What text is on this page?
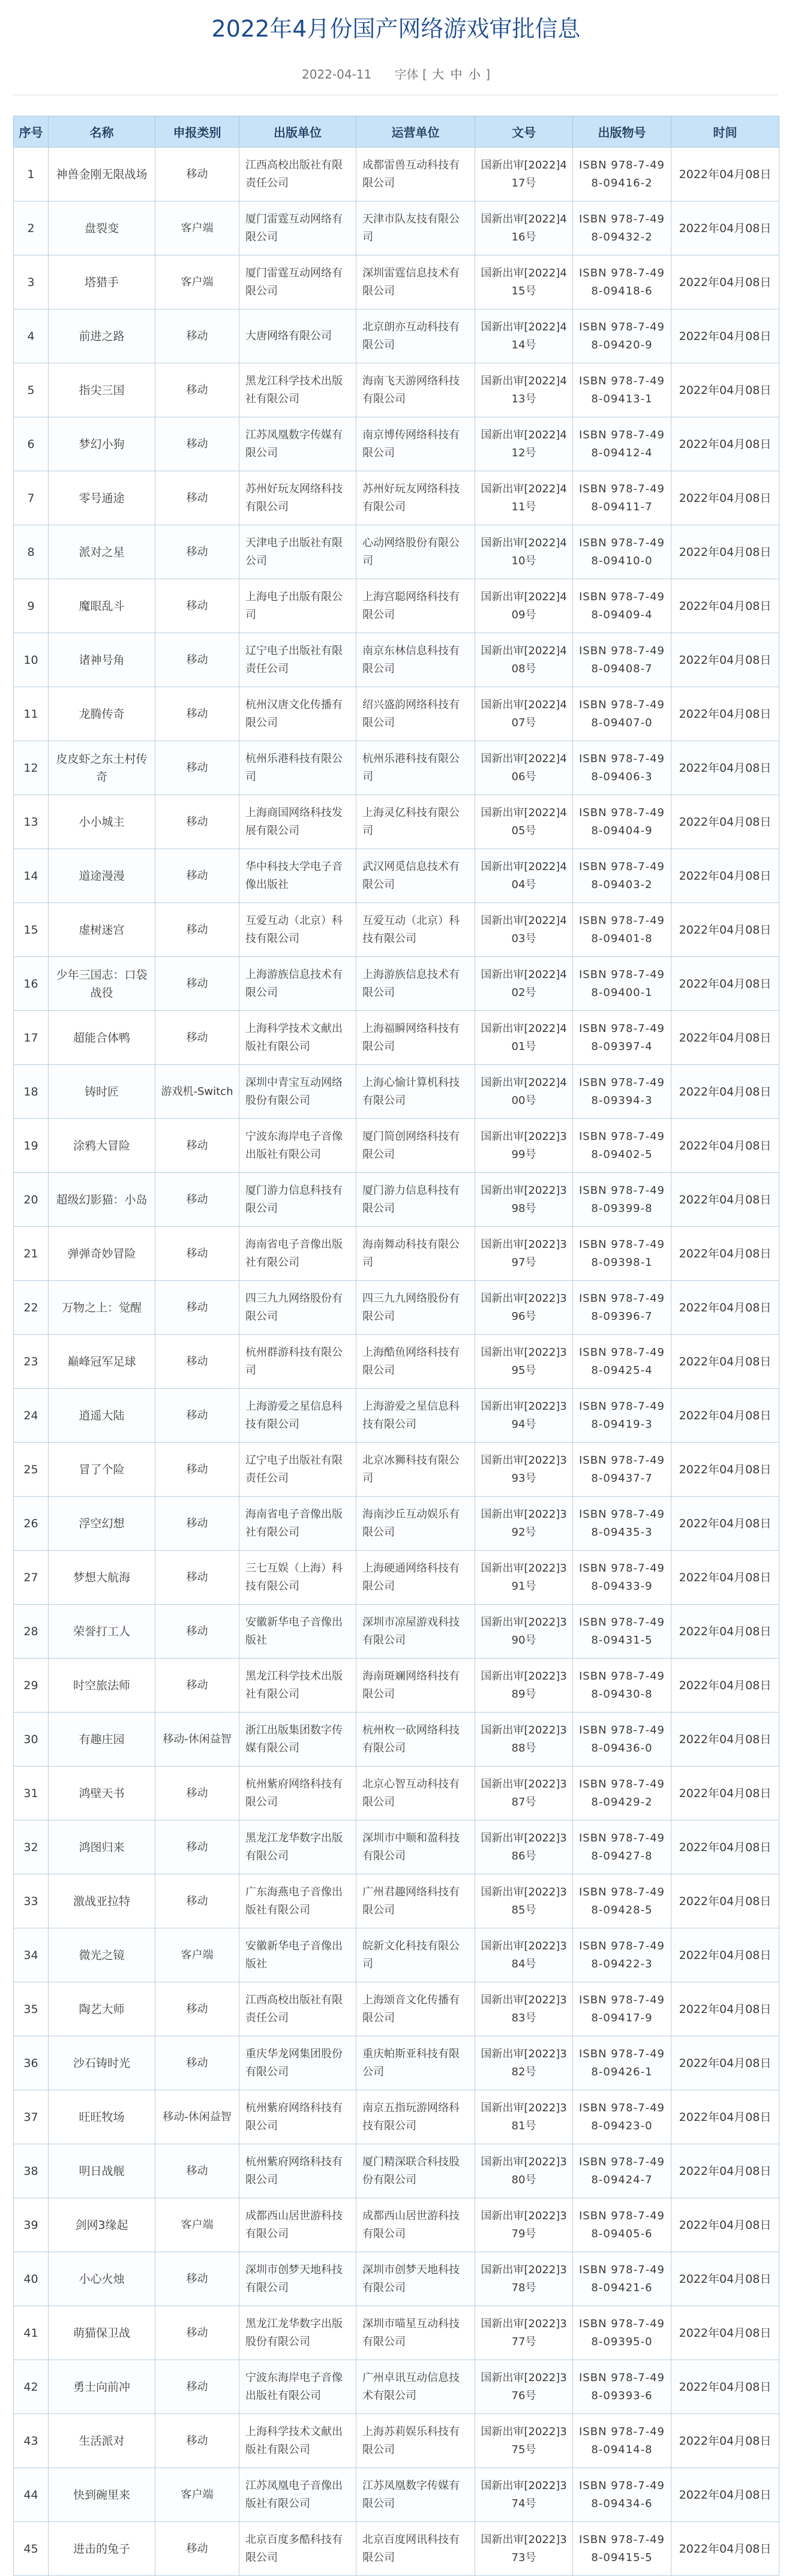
2022年4月份国产网络游戏审批信息
2022-04-11 字体 [ 大 中 小 ]
序号	名称	申报类别	出版单位	运营单位	文号	出版物号	时间
1	神兽金刚无限战场	移动	江西高校出版社有限责任公司	成都雷兽互动科技有限公司	国新出审[2022]417号	ISBN 978-7-498-09416-2	2022年04月08日
2	盘裂变	客户端	厦门雷霆互动网络有限公司	天津市队友技有限公司	国新出审[2022]416号	ISBN 978-7-498-09432-2	2022年04月08日
3	塔猎手	客户端	厦门雷霆互动网络有限公司	深圳雷霆信息技术有限公司	国新出审[2022]415号	ISBN 978-7-498-09418-6	2022年04月08日
4	前进之路	移动	大唐网络有限公司	北京朗亦互动科技有限公司	国新出审[2022]414号	ISBN 978-7-498-09420-9	2022年04月08日
5	指尖三国	移动	黑龙江科学技术出版社有限公司	海南飞天游网络科技有限公司	国新出审[2022]413号	ISBN 978-7-498-09413-1	2022年04月08日
6	梦幻小狗	移动	江苏凤凰数字传媒有限公司	南京博传网络科技有限公司	国新出审[2022]412号	ISBN 978-7-498-09412-4	2022年04月08日
7	零号通途	移动	苏州好玩友网络科技有限公司	苏州好玩友网络科技有限公司	国新出审[2022]411号	ISBN 978-7-498-09411-7	2022年04月08日
8	派对之星	移动	天津电子出版社有限公司	心动网络股份有限公司	国新出审[2022]410号	ISBN 978-7-498-09410-0	2022年04月08日
9	魔眼乱斗	移动	上海电子出版有限公司	上海宫聪网络科技有限公司	国新出审[2022]409号	ISBN 978-7-498-09409-4	2022年04月08日
10	诸神号角	移动	辽宁电子出版社有限责任公司	南京东林信息科技有限公司	国新出审[2022]408号	ISBN 978-7-498-09408-7	2022年04月08日
11	龙腾传奇	移动	杭州汉唐文化传播有限公司	绍兴盛韵网络科技有限公司	国新出审[2022]407号	ISBN 978-7-498-09407-0	2022年04月08日
12	皮皮虾之东土村传奇	移动	杭州乐港科技有限公司	杭州乐港科技有限公司	国新出审[2022]406号	ISBN 978-7-498-09406-3	2022年04月08日
13	小小城主	移动	上海商国网络科技发展有限公司	上海灵亿科技有限公司	国新出审[2022]405号	ISBN 978-7-498-09404-9	2022年04月08日
14	道途漫漫	移动	华中科技大学电子音像出版社	武汉网觅信息技术有限公司	国新出审[2022]404号	ISBN 978-7-498-09403-2	2022年04月08日
15	虚树迷宫	移动	互爱互动（北京）科技有限公司	互爱互动（北京）科技有限公司	国新出审[2022]403号	ISBN 978-7-498-09401-8	2022年04月08日
16	少年三国志：口袋战役	移动	上海游族信息技术有限公司	上海游族信息技术有限公司	国新出审[2022]402号	ISBN 978-7-498-09400-1	2022年04月08日
17	超能合体鸭	移动	上海科学技术文献出版社有限公司	上海福瞬网络科技有限公司	国新出审[2022]401号	ISBN 978-7-498-09397-4	2022年04月08日
18	铸时匠	游戏机-Switch	深圳中青宝互动网络股份有限公司	上海心愉计算机科技有限公司	国新出审[2022]400号	ISBN 978-7-498-09394-3	2022年04月08日
19	涂鸦大冒险	移动	宁波东海岸电子音像出版社有限公司	厦门简创网络科技有限公司	国新出审[2022]399号	ISBN 978-7-498-09402-5	2022年04月08日
20	超级幻影猫：小岛	移动	厦门游力信息科技有限公司	厦门游力信息科技有限公司	国新出审[2022]398号	ISBN 978-7-498-09399-8	2022年04月08日
21	弹弹奇妙冒险	移动	海南省电子音像出版社有限公司	海南舞动科技有限公司	国新出审[2022]397号	ISBN 978-7-498-09398-1	2022年04月08日
22	万物之上：觉醒	移动	四三九九网络股份有限公司	四三九九网络股份有限公司	国新出审[2022]396号	ISBN 978-7-498-09396-7	2022年04月08日
23	巅峰冠军足球	移动	杭州群游科技有限公司	上海酷鱼网络科技有限公司	国新出审[2022]395号	ISBN 978-7-498-09425-4	2022年04月08日
24	逍遥大陆	移动	上海游爱之星信息科技有限公司	上海游爱之星信息科技有限公司	国新出审[2022]394号	ISBN 978-7-498-09419-3	2022年04月08日
25	冒了个险	移动	辽宁电子出版社有限责任公司	北京冰狮科技有限公司	国新出审[2022]393号	ISBN 978-7-498-09437-7	2022年04月08日
26	浮空幻想	移动	海南省电子音像出版社有限公司	海南沙丘互动娱乐有限公司	国新出审[2022]392号	ISBN 978-7-498-09435-3	2022年04月08日
27	梦想大航海	移动	三七互娱（上海）科技有限公司	上海硬通网络科技有限公司	国新出审[2022]391号	ISBN 978-7-498-09433-9	2022年04月08日
28	荣誉打工人	移动	安徽新华电子音像出版社	深圳市凉屋游戏科技有限公司	国新出审[2022]390号	ISBN 978-7-498-09431-5	2022年04月08日
29	时空旅法师	移动	黑龙江科学技术出版社有限公司	海南斑斓网络科技有限公司	国新出审[2022]389号	ISBN 978-7-498-09430-8	2022年04月08日
30	有趣庄园	移动-休闲益智	浙江出版集团数字传媒有限公司	杭州枚一砍网络科技有限公司	国新出审[2022]388号	ISBN 978-7-498-09436-0	2022年04月08日
31	鸿壁天书	移动	杭州紫府网络科技有限公司	北京心智互动科技有限公司	国新出审[2022]387号	ISBN 978-7-498-09429-2	2022年04月08日
32	鸿图归来	移动	黑龙江龙华数字出版有限公司	深圳市中顺和盈科技有限公司	国新出审[2022]386号	ISBN 978-7-498-09427-8	2022年04月08日
33	激战亚拉特	移动	广东海燕电子音像出版社有限公司	广州君趣网络科技有限公司	国新出审[2022]385号	ISBN 978-7-498-09428-5	2022年04月08日
34	微光之镜	客户端	安徽新华电子音像出版社	皖新文化科技有限公司	国新出审[2022]384号	ISBN 978-7-498-09422-3	2022年04月08日
35	陶艺大师	移动	江西高校出版社有限责任公司	上海颂音文化传播有限公司	国新出审[2022]383号	ISBN 978-7-498-09417-9	2022年04月08日
36	沙石铸时光	移动	重庆华龙网集团股份有限公司	重庆帕斯亚科技有限公司	国新出审[2022]382号	ISBN 978-7-498-09426-1	2022年04月08日
37	旺旺牧场	移动-休闲益智	杭州紫府网络科技有限公司	南京五指玩游网络科技有限公司	国新出审[2022]381号	ISBN 978-7-498-09423-0	2022年04月08日
38	明日战舰	移动	杭州紫府网络科技有限公司	厦门精深联合科技股份有限公司	国新出审[2022]380号	ISBN 978-7-498-09424-7	2022年04月08日
39	剑网3缘起	客户端	成都西山居世游科技有限公司	成都西山居世游科技有限公司	国新出审[2022]379号	ISBN 978-7-498-09405-6	2022年04月08日
40	小心火烛	移动	深圳市创梦天地科技有限公司	深圳市创梦天地科技有限公司	国新出审[2022]378号	ISBN 978-7-498-09421-6	2022年04月08日
41	萌猫保卫战	移动	黑龙江龙华数字出版股份有限公司	深圳市喵星互动科技有限公司	国新出审[2022]377号	ISBN 978-7-498-09395-0	2022年04月08日
42	勇士向前冲	移动	宁波东海岸电子音像出版社有限公司	广州卓讯互动信息技术有限公司	国新出审[2022]376号	ISBN 978-7-498-09393-6	2022年04月08日
43	生活派对	移动	上海科学技术文献出版社有限公司	上海苏莉娱乐科技有限公司	国新出审[2022]375号	ISBN 978-7-498-09414-8	2022年04月08日
44	快到碗里来	客户端	江苏凤凰电子音像出版社有限公司	江苏凤凰数字传媒有限公司	国新出审[2022]374号	ISBN 978-7-498-09434-6	2022年04月08日
45	进击的兔子	移动	北京百度多酷科技有限公司	北京百度网讯科技有限公司	国新出审[2022]373号	ISBN 978-7-498-09415-5	2022年04月08日
